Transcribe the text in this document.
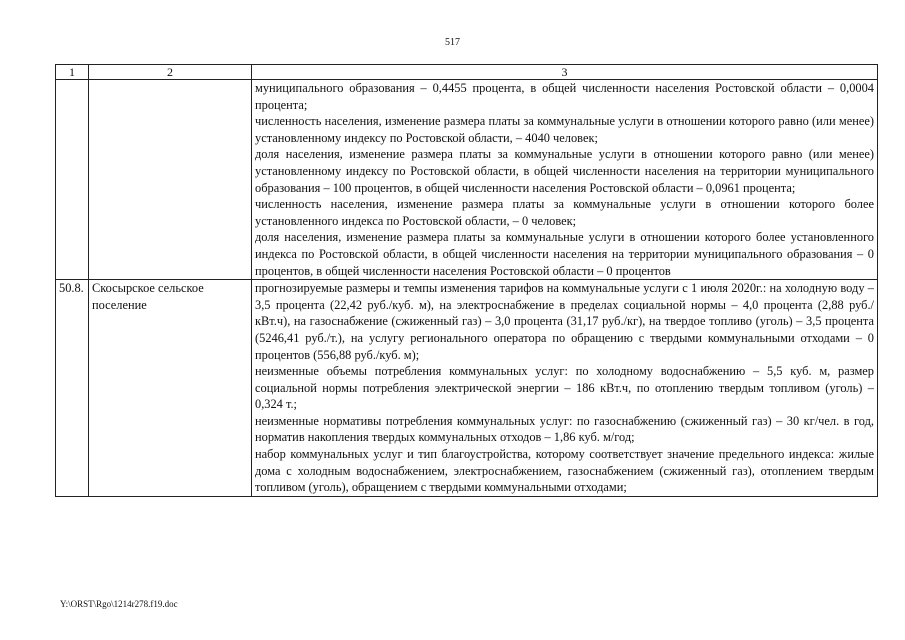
517
1	2	3

		муниципального образования – 0,4455 процента, в общей численности населения Ростовской области – 0,0004 процента;

численность населения, изменение размера платы за коммунальные услуги в отношении которого равно (или менее) установленному индексу по Ростовской области, – 4040 человек;

доля населения, изменение размера платы за коммунальные услуги в отношении которого равно (или менее) установленному индексу по Ростовской области, в общей численности населения на территории муниципального образования – 100 процентов, в общей численности населения Ростовской области – 0,0961 процента;

численность населения, изменение размера платы за коммунальные услуги в отношении которого более установленного индекса по Ростовской области, – 0 человек;

доля населения, изменение размера платы за коммунальные услуги в отношении которого более установленного индекса по Ростовской области, в общей численности населения на территории муниципального образования – 0 процентов, в общей численности населения Ростовской области – 0 процентов

50.8.	Скосырское сельское поселение	прогнозируемые размеры и темпы изменения тарифов на коммунальные услуги с 1 июля 2020г.: на холодную воду – 3,5 процента (22,42 руб./куб. м), на электроснабжение в пределах социальной нормы – 4,0 процента (2,88 руб./кВт.ч), на газоснабжение (сжиженный газ) – 3,0 процента (31,17 руб./кг), на твердое топливо (уголь) – 3,5 процента (5246,41 руб./т.), на услугу регионального оператора по обращению с твердыми коммунальными отходами – 0 процентов (556,88 руб./куб. м);

неизменные объемы потребления коммунальных услуг: по холодному водоснабжению – 5,5 куб. м, размер социальной нормы потребления электрической энергии – 186 кВт.ч, по отоплению твердым топливом (уголь) – 0,324 т.;

неизменные нормативы потребления коммунальных услуг: по газоснабжению (сжиженный газ) – 30 кг/чел. в год, норматив накопления твердых коммунальных отходов – 1,86 куб. м/год;

набор коммунальных услуг и тип благоустройства, которому соответствует значение предельного индекса: жилые дома с холодным водоснабжением, электроснабжением, газоснабжением (сжиженный газ), отоплением твердым топливом (уголь), обращением с твердыми коммунальными отходами;

Y:\ORST\Rgo\1214r278.f19.doc
